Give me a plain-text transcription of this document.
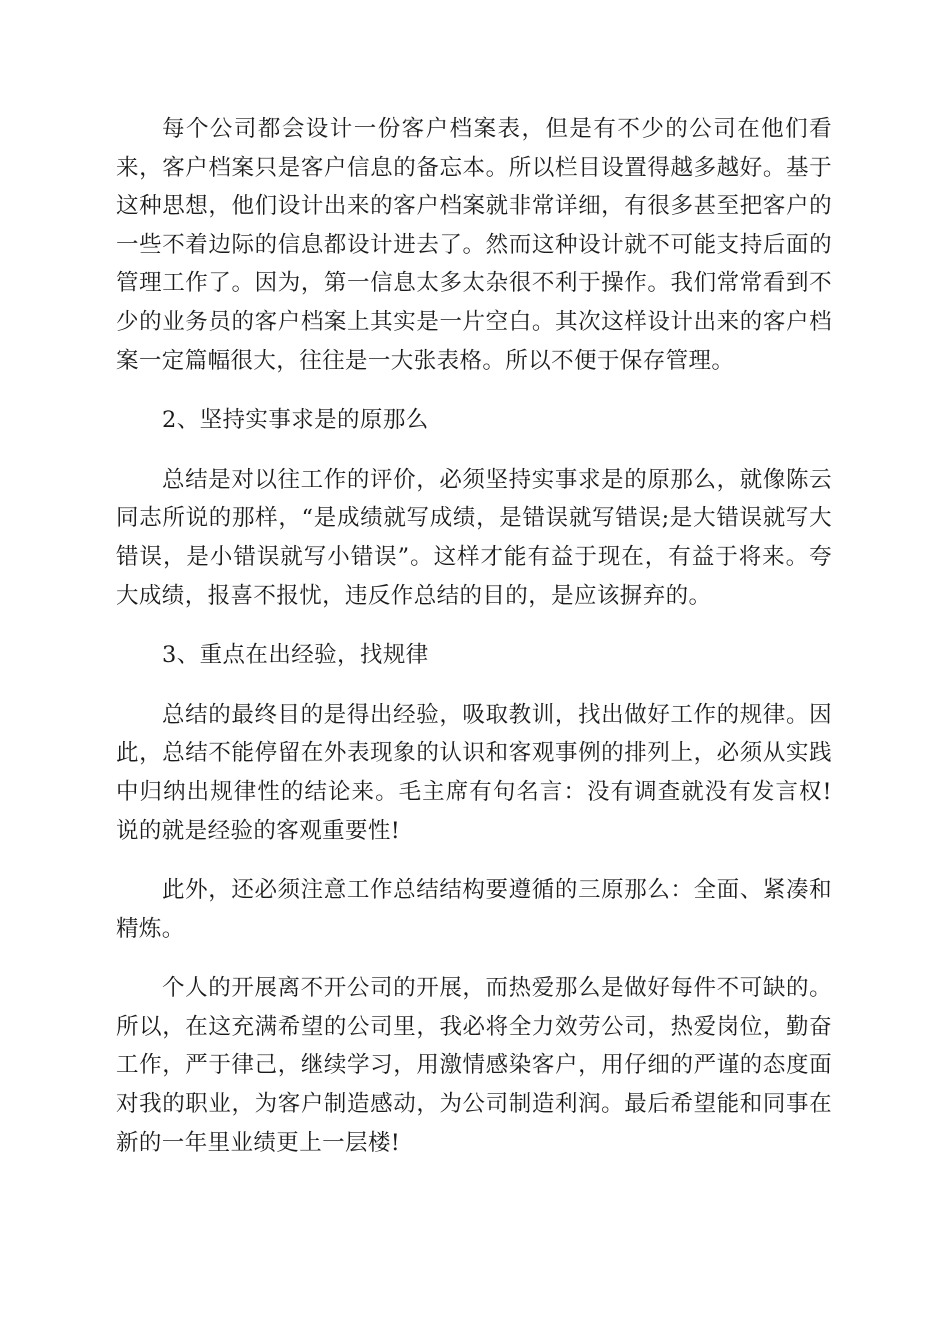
每个公司都会设计一份客户档案表，但是有不少的公司在他们看来，客户档案只是客户信息的备忘本。所以栏目设置得越多越好。基于这种思想，他们设计出来的客户档案就非常详细，有很多甚至把客户的一些不着边际的信息都设计进去了。然而这种设计就不可能支持后面的管理工作了。因为，第一信息太多太杂很不利于操作。我们常常看到不少的业务员的客户档案上其实是一片空白。其次这样设计出来的客户档案一定篇幅很大，往往是一大张表格。所以不便于保存管理。

2、坚持实事求是的原那么

总结是对以往工作的评价，必须坚持实事求是的原那么，就像陈云同志所说的那样，“是成绩就写成绩，是错误就写错误;是大错误就写大错误，是小错误就写小错误”。这样才能有益于现在，有益于将来。夸大成绩，报喜不报忧，违反作总结的目的，是应该摒弃的。

3、重点在出经验，找规律

总结的最终目的是得出经验，吸取教训，找出做好工作的规律。因此，总结不能停留在外表现象的认识和客观事例的排列上，必须从实践中归纳出规律性的结论来。毛主席有句名言：没有调查就没有发言权!说的就是经验的客观重要性!

此外，还必须注意工作总结结构要遵循的三原那么：全面、紧凑和精炼。

个人的开展离不开公司的开展，而热爱那么是做好每件不可缺的。所以，在这充满希望的公司里，我必将全力效劳公司，热爱岗位，勤奋工作，严于律己，继续学习，用激情感染客户，用仔细的严谨的态度面对我的职业，为客户制造感动，为公司制造利润。最后希望能和同事在新的一年里业绩更上一层楼!
